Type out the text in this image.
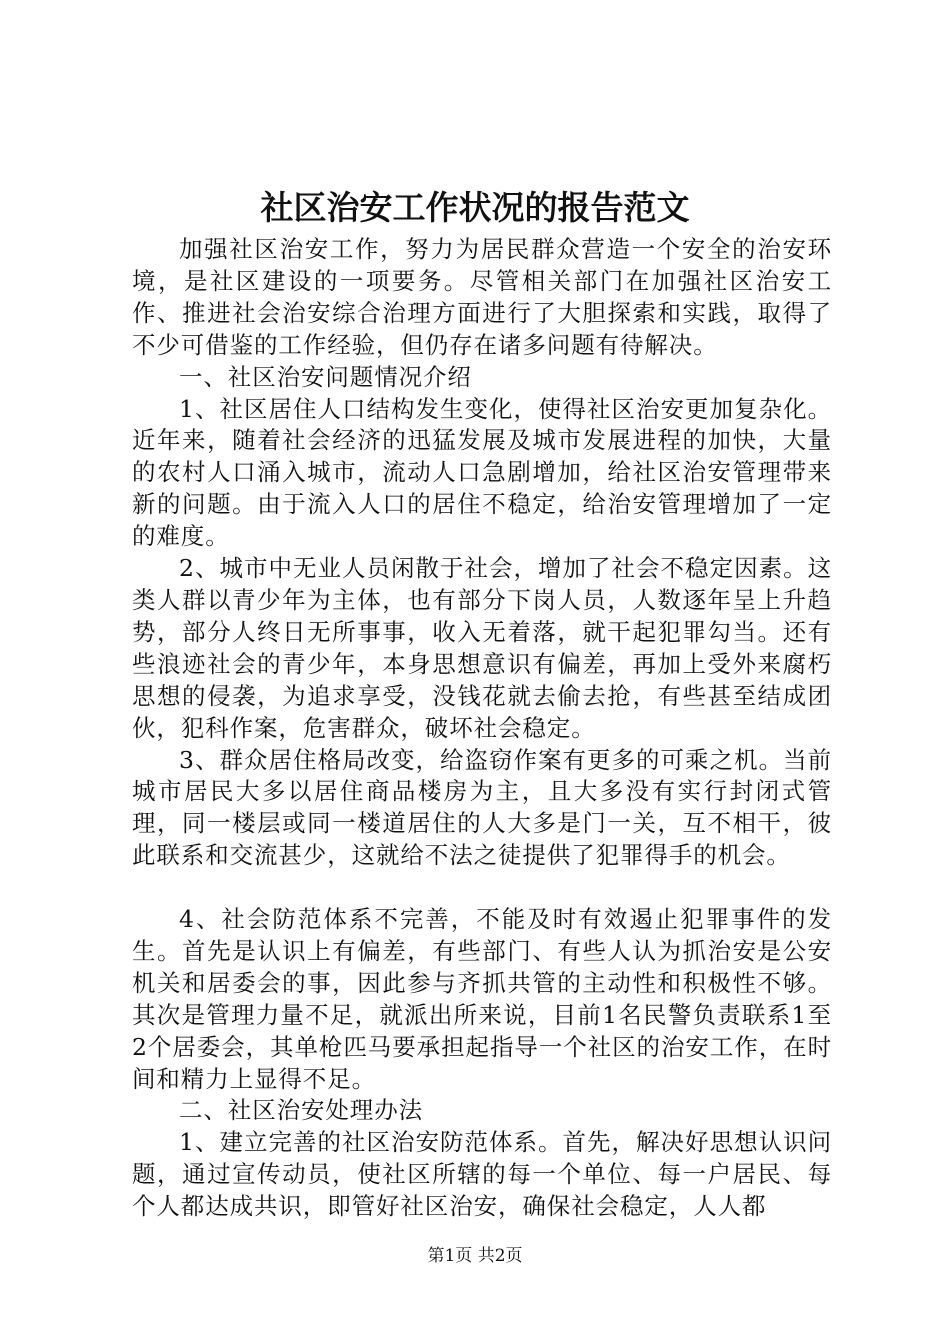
社区治安工作状况的报告范文

加强社区治安工作，努力为居民群众营造一个安全的治安环境，是社区建设的一项要务。尽管相关部门在加强社区治安工作、推进社会治安综合治理方面进行了大胆探索和实践，取得了不少可借鉴的工作经验，但仍存在诸多问题有待解决。

一、社区治安问题情况介绍

1、社区居住人口结构发生变化，使得社区治安更加复杂化。近年来，随着社会经济的迅猛发展及城市发展进程的加快，大量的农村人口涌入城市，流动人口急剧增加，给社区治安管理带来新的问题。由于流入人口的居住不稳定，给治安管理增加了一定的难度。

2、城市中无业人员闲散于社会，增加了社会不稳定因素。这类人群以青少年为主体，也有部分下岗人员，人数逐年呈上升趋势，部分人终日无所事事，收入无着落，就干起犯罪勾当。还有些浪迹社会的青少年，本身思想意识有偏差，再加上受外来腐朽思想的侵袭，为追求享受，没钱花就去偷去抢，有些甚至结成团伙，犯科作案，危害群众，破坏社会稳定。

3、群众居住格局改变，给盗窃作案有更多的可乘之机。当前城市居民大多以居住商品楼房为主，且大多没有实行封闭式管理，同一楼层或同一楼道居住的人大多是门一关，互不相干，彼此联系和交流甚少，这就给不法之徒提供了犯罪得手的机会。

4、社会防范体系不完善，不能及时有效遏止犯罪事件的发生。首先是认识上有偏差，有些部门、有些人认为抓治安是公安机关和居委会的事，因此参与齐抓共管的主动性和积极性不够。其次是管理力量不足，就派出所来说，目前1名民警负责联系1至2个居委会，其单枪匹马要承担起指导一个社区的治安工作，在时间和精力上显得不足。

二、社区治安处理办法

1、建立完善的社区治安防范体系。首先，解决好思想认识问题，通过宣传动员，使社区所辖的每一个单位、每一户居民、每个人都达成共识，即管好社区治安，确保社会稳定，人人都

第1页 共2页
